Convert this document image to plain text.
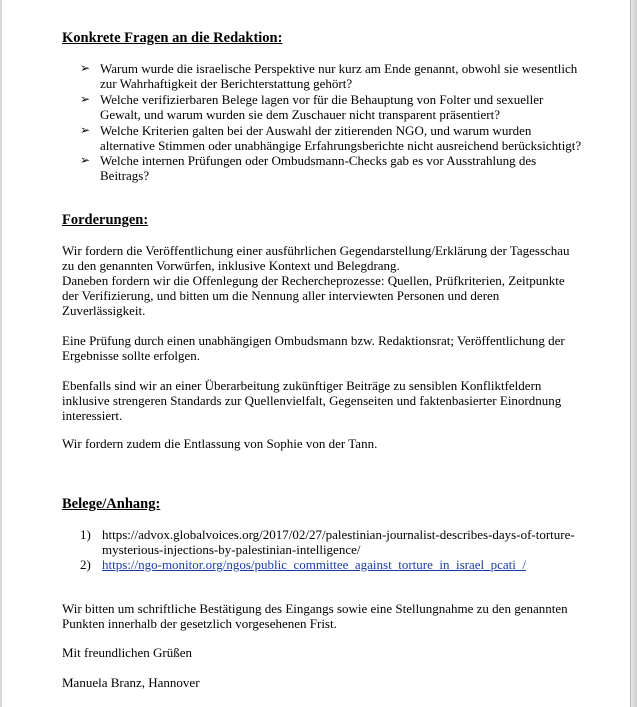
Konkrete Fragen an die Redaktion:
➢ Warum wurde die israelische Perspektive nur kurz am Ende genannt, obwohl sie wesentlich
zur Wahrhaftigkeit der Berichterstattung gehört?
➢ Welche verifizierbaren Belege lagen vor für die Behauptung von Folter und sexueller
Gewalt, und warum wurden sie dem Zuschauer nicht transparent präsentiert?
➢ Welche Kriterien galten bei der Auswahl der zitierenden NGO, und warum wurden
alternative Stimmen oder unabhängige Erfahrungsberichte nicht ausreichend berücksichtigt?
➢ Welche internen Prüfungen oder Ombudsmann-Checks gab es vor Ausstrahlung des
Beitrags?
Forderungen:
Wir fordern die Veröffentlichung einer ausführlichen Gegendarstellung/Erklärung der Tagesschau
zu den genannten Vorwürfen, inklusive Kontext und Belegdrang.
Daneben fordern wir die Offenlegung der Rechercheprozesse: Quellen, Prüfkriterien, Zeitpunkte
der Verifizierung, und bitten um die Nennung aller interviewten Personen und deren
Zuverlässigkeit.
Eine Prüfung durch einen unabhängigen Ombudsmann bzw. Redaktionsrat; Veröffentlichung der
Ergebnisse sollte erfolgen.
Ebenfalls sind wir an einer Überarbeitung zukünftiger Beiträge zu sensiblen Konfliktfeldern
inklusive strengeren Standards zur Quellenvielfalt, Gegenseiten und faktenbasierter Einordnung
interessiert.
Wir fordern zudem die Entlassung von Sophie von der Tann.
Belege/Anhang:
1) https://advox.globalvoices.org/2017/02/27/palestinian-journalist-describes-days-of-torture-
mysterious-injections-by-palestinian-intelligence/
2) https://ngo-monitor.org/ngos/public_committee_against_torture_in_israel_pcati_/
Wir bitten um schriftliche Bestätigung des Eingangs sowie eine Stellungnahme zu den genannten
Punkten innerhalb der gesetzlich vorgesehenen Frist.
Mit freundlichen Grüßen
Manuela Branz, Hannover
